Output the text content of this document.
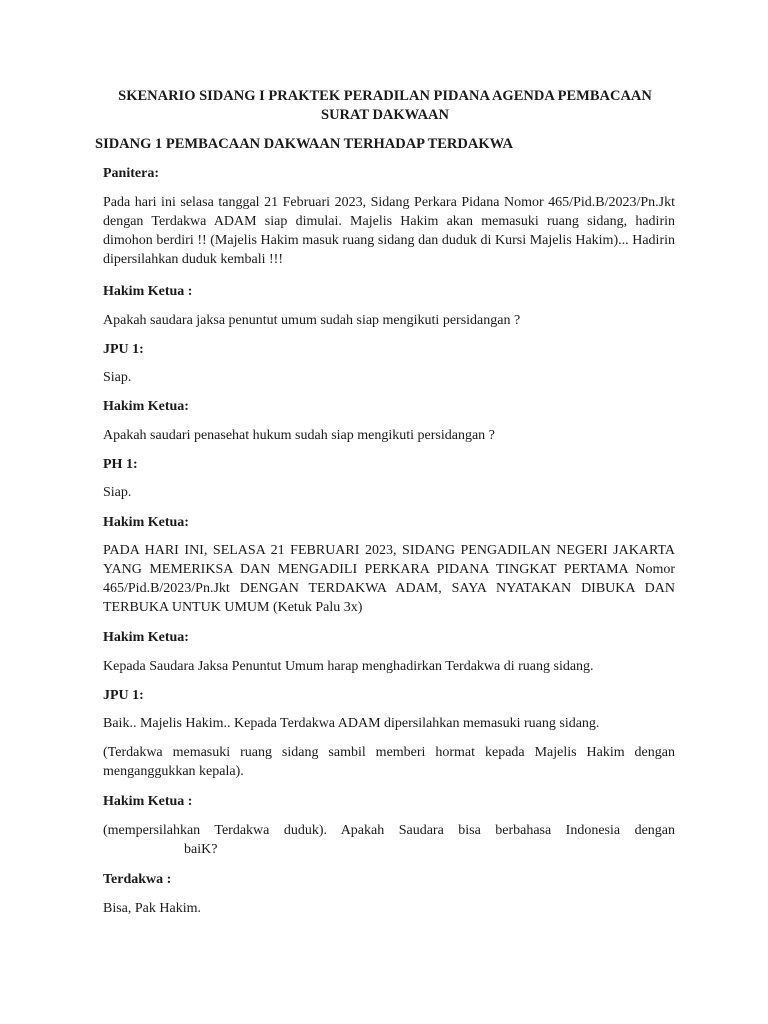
SKENARIO SIDANG I PRAKTEK PERADILAN PIDANA AGENDA PEMBACAAN SURAT DAKWAAN
SIDANG 1 PEMBACAAN DAKWAAN TERHADAP TERDAKWA
Panitera:
Pada hari ini selasa tanggal 21 Februari 2023, Sidang Perkara Pidana Nomor 465/Pid.B/2023/Pn.Jkt dengan Terdakwa ADAM siap dimulai. Majelis Hakim akan memasuki ruang sidang, hadirin dimohon berdiri !! (Majelis Hakim masuk ruang sidang dan duduk di Kursi Majelis Hakim)... Hadirin dipersilahkan duduk kembali !!!
Hakim Ketua :
Apakah saudara jaksa penuntut umum sudah siap mengikuti persidangan ?
JPU 1:
Siap.
Hakim Ketua:
Apakah saudari penasehat hukum sudah siap mengikuti persidangan ?
PH 1:
Siap.
Hakim Ketua:
PADA HARI INI, SELASA 21 FEBRUARI 2023, SIDANG PENGADILAN NEGERI JAKARTA YANG MEMERIKSA DAN MENGADILI PERKARA PIDANA TINGKAT PERTAMA Nomor 465/Pid.B/2023/Pn.Jkt DENGAN TERDAKWA ADAM, SAYA NYATAKAN DIBUKA DAN TERBUKA UNTUK UMUM (Ketuk Palu 3x)
Hakim Ketua:
Kepada Saudara Jaksa Penuntut Umum harap menghadirkan Terdakwa di ruang sidang.
JPU 1:
Baik.. Majelis Hakim.. Kepada Terdakwa ADAM dipersilahkan memasuki ruang sidang.
(Terdakwa memasuki ruang sidang sambil memberi hormat kepada Majelis Hakim dengan menganggukkan kepala).
Hakim Ketua :
(mempersilahkan Terdakwa duduk). Apakah Saudara bisa berbahasa Indonesia dengan
baiK?
Terdakwa :
Bisa, Pak Hakim.
